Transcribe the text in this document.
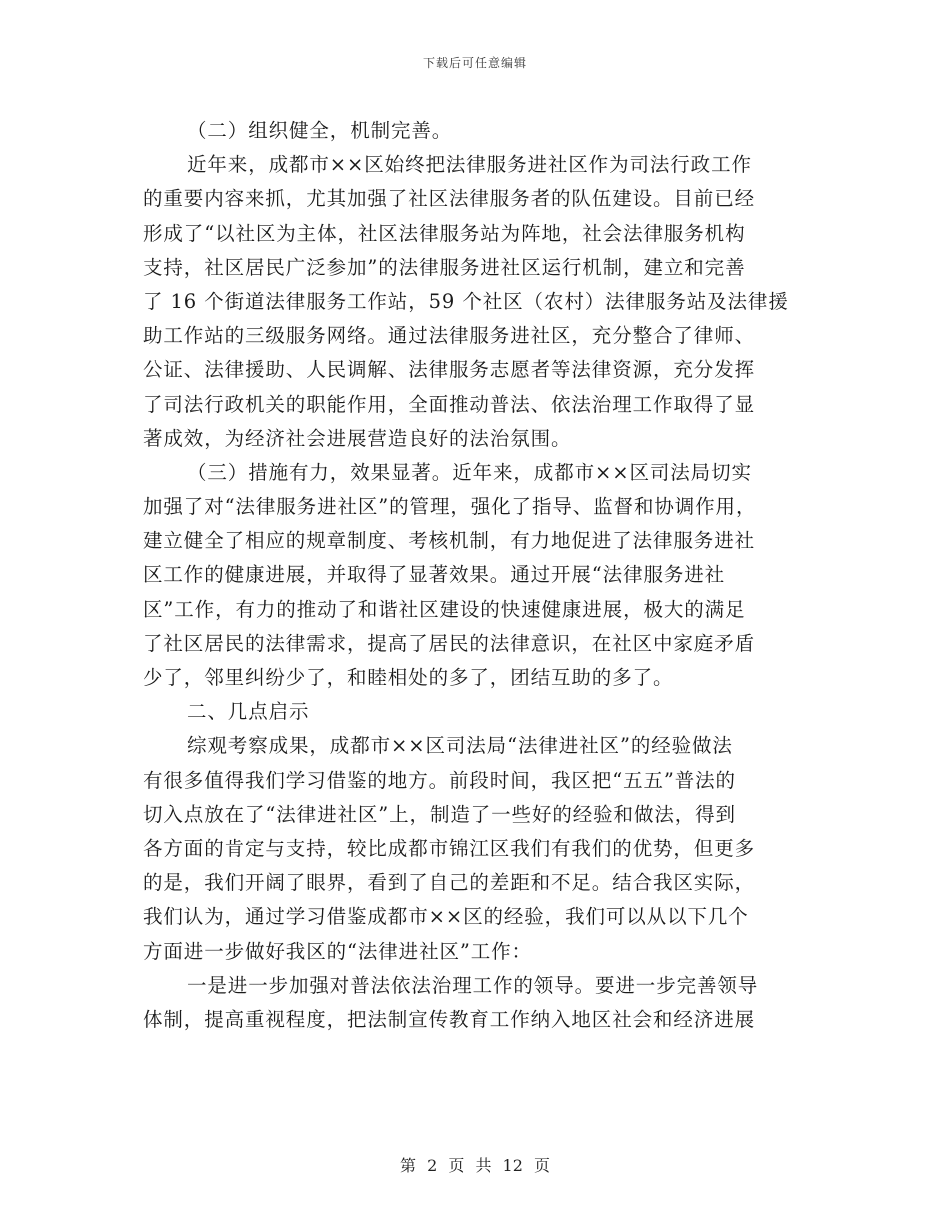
下载后可任意编辑
（二）组织健全，机制完善。
近年来，成都市××区始终把法律服务进社区作为司法行政工作
的重要内容来抓，尤其加强了社区法律服务者的队伍建设。目前已经
形成了“以社区为主体，社区法律服务站为阵地，社会法律服务机构
支持，社区居民广泛参加”的法律服务进社区运行机制，建立和完善
了 16 个街道法律服务工作站，59 个社区（农村）法律服务站及法律援
助工作站的三级服务网络。通过法律服务进社区，充分整合了律师、
公证、法律援助、人民调解、法律服务志愿者等法律资源，充分发挥
了司法行政机关的职能作用，全面推动普法、依法治理工作取得了显
著成效，为经济社会进展营造良好的法治氛围。
（三）措施有力，效果显著。近年来，成都市××区司法局切实
加强了对“法律服务进社区”的管理，强化了指导、监督和协调作用，
建立健全了相应的规章制度、考核机制，有力地促进了法律服务进社
区工作的健康进展，并取得了显著效果。通过开展“法律服务进社
区”工作，有力的推动了和谐社区建设的快速健康进展，极大的满足
了社区居民的法律需求，提高了居民的法律意识，在社区中家庭矛盾
少了，邻里纠纷少了，和睦相处的多了，团结互助的多了。
二、几点启示
综观考察成果，成都市××区司法局“法律进社区”的经验做法
有很多值得我们学习借鉴的地方。前段时间，我区把“五五”普法的
切入点放在了“法律进社区”上，制造了一些好的经验和做法，得到
各方面的肯定与支持，较比成都市锦江区我们有我们的优势，但更多
的是，我们开阔了眼界，看到了自己的差距和不足。结合我区实际，
我们认为，通过学习借鉴成都市××区的经验，我们可以从以下几个
方面进一步做好我区的“法律进社区”工作：
一是进一步加强对普法依法治理工作的领导。要进一步完善领导
体制，提高重视程度，把法制宣传教育工作纳入地区社会和经济进展
第 2 页 共 12 页
